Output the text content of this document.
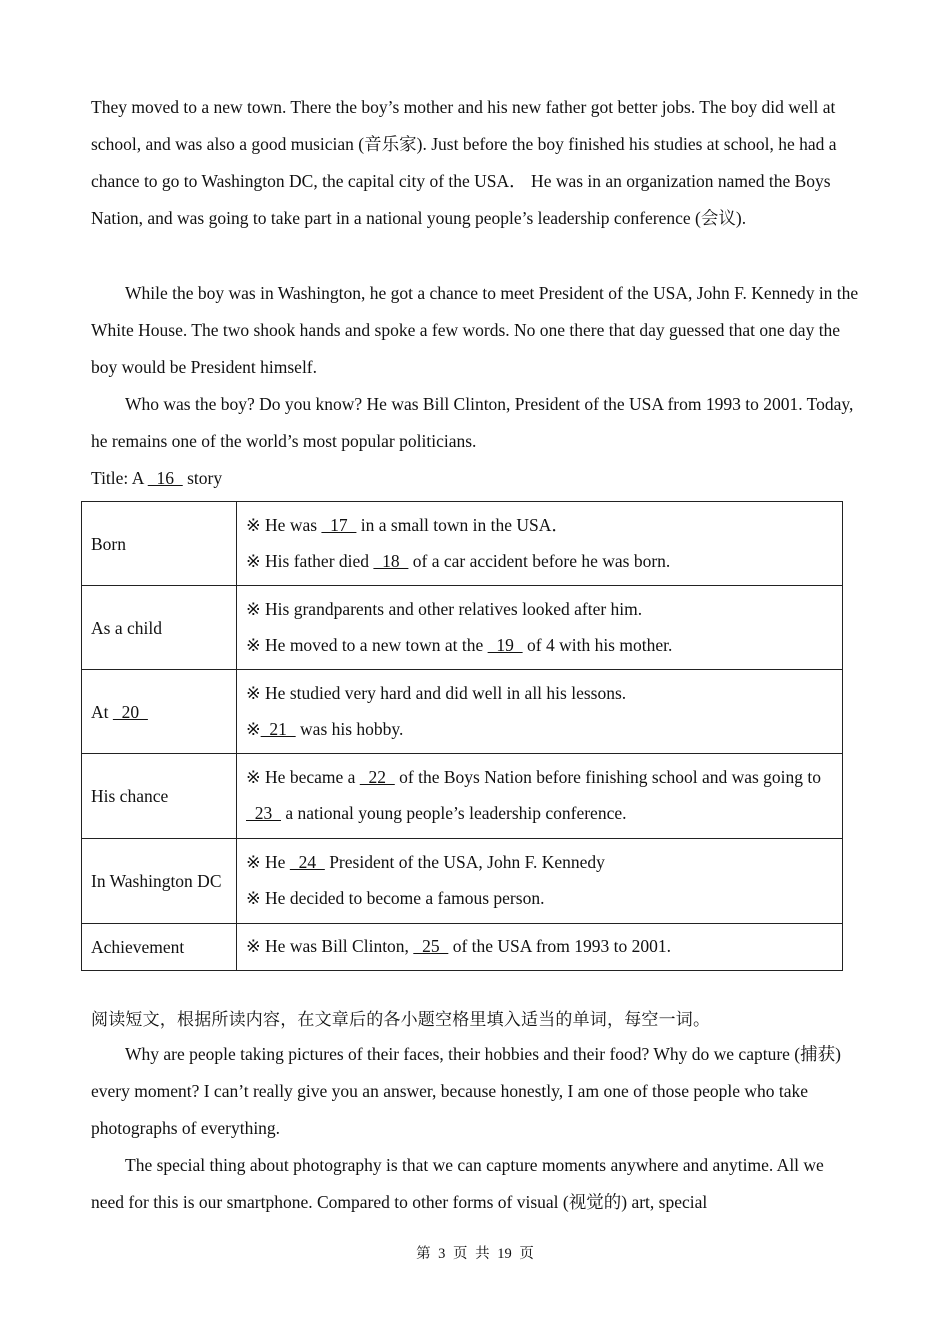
They moved to a new town. There the boy’s mother and his new father got better jobs. The boy did well at school, and was also a good musician (音乐家). Just before the boy finished his studies at school, he had a chance to go to Washington DC, the capital city of the USA． He was in an organization named the Boys Nation, and was going to take part in a national young people’s leadership conference (会议).

While the boy was in Washington, he got a chance to meet President of the USA, John F. Kennedy in the White House. The two shook hands and spoke a few words. No one there that day guessed that one day the boy would be President himself.

Who was the boy? Do you know? He was Bill Clinton, President of the USA from 1993 to 2001. Today, he remains one of the world’s most popular politicians.

Title: A   16   story
Born	※ He was   17   in a small town in the USA．
※ His father died   18   of a car accident before he was born.

As a child	※ His grandparents and other relatives looked after him.
※ He moved to a new town at the   19   of 4 with his mother.

At   20	※ He studied very hard and did well in all his lessons.
※  21   was his hobby.

His chance	※ He became a   22   of the Boys Nation before finishing school and was going to   23   a national young people’s leadership conference.
In Washington DC	※ He   24   President of the USA, John F. Kennedy
※ He decided to become a famous person.

Achievement	※ He was Bill Clinton,   25   of the USA from 1993 to 2001.
阅读短文，根据所读内容，在文章后的各小题空格里填入适当的单词，每空一词。

Why are people taking pictures of their faces, their hobbies and their food? Why do we capture (捕获) every moment? I can’t really give you an answer, because honestly, I am one of those people who take photographs of everything.

The special thing about photography is that we can capture moments anywhere and anytime. All we need for this is our smartphone. Compared to other forms of visual (视觉的) art, special

第 3 页 共 19 页
